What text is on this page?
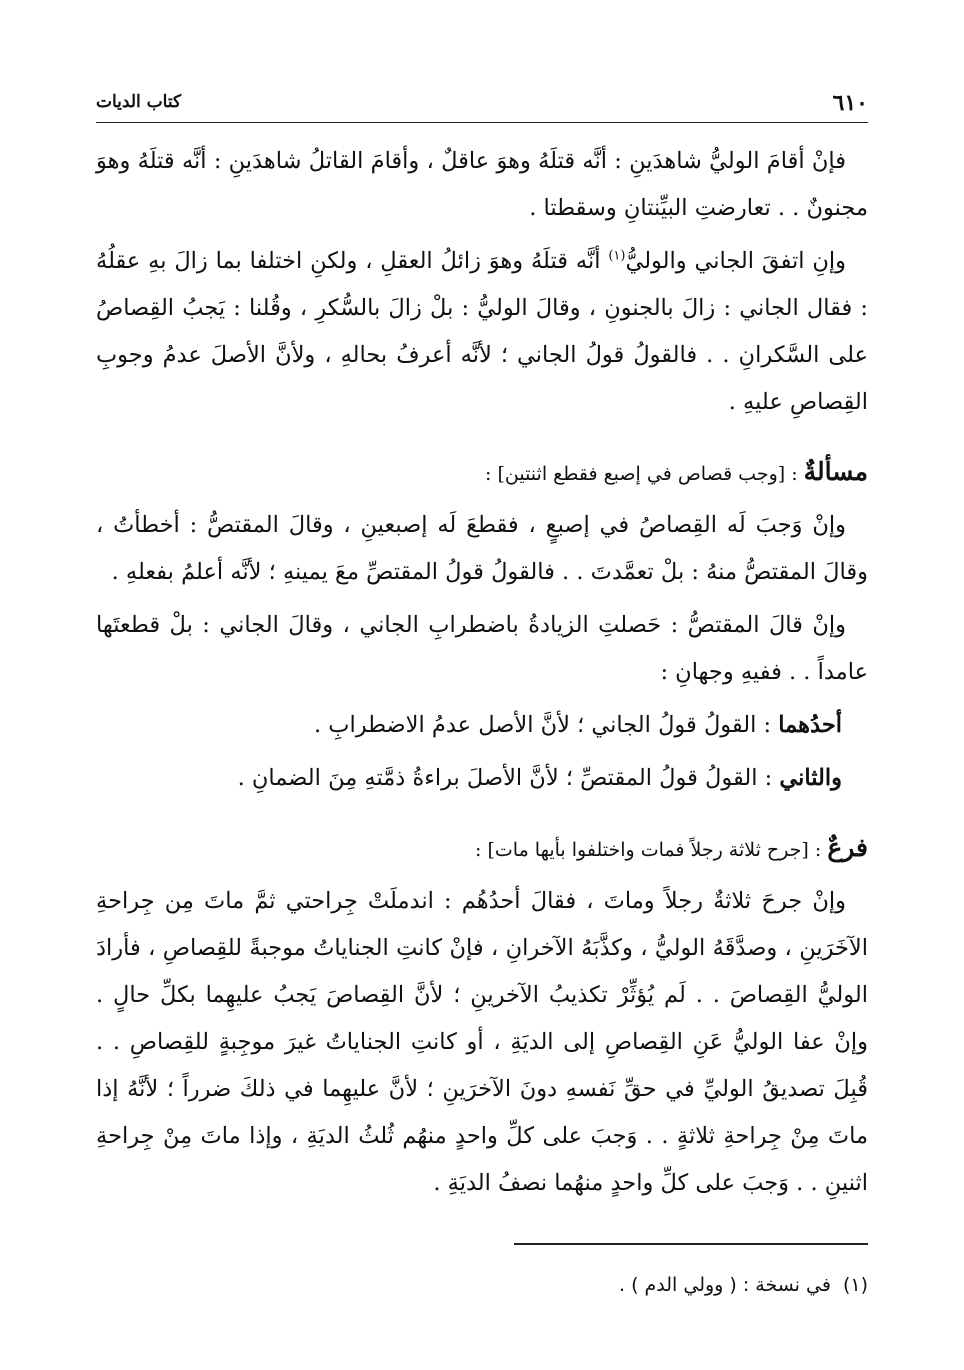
٦١٠
كتاب الديات

فإنْ أقامَ الوليُّ شاهدَينِ : أنَّه قتلَهُ وهوَ عاقلٌ ، وأقامَ القاتلُ شاهدَينِ : أنَّه قتلَهُ وهوَ مجنونٌ . . تعارضتِ البيِّنتانِ وسقطتا .

وإنِ اتفقَ الجاني والوليُّ$^{(١)}$ أنَّه قتلَهُ وهوَ زائلُ العقلِ ، ولكنِ اختلفا بما زالَ بهِ عقلُهُ : فقال الجاني : زالَ بالجنونِ ، وقالَ الوليُّ : بلْ زالَ بالسُّكرِ ، وقُلنا : يَجبُ القِصاصُ على السَّكرانِ . . فالقولُ قولُ الجاني ؛ لأنَّه أعرفُ بحالهِ ، ولأنَّ الأصلَ عدمُ وجوبِ القِصاصِ عليهِ .

مسألةٌ : [وجب قصاص في إصبع فقطع اثنتين] :

وإنْ وَجبَ لَه القِصاصُ في إصبعٍ ، فقطعَ لَه إصبعينِ ، وقالَ المقتصُّ : أخطأتُ ، وقالَ المقتصُّ منهُ : بلْ تعمَّدتَ . . فالقولُ قولُ المقتصِّ معَ يمينهِ ؛ لأنَّه أعلمُ بفعلهِ .

وإنْ قالَ المقتصُّ : حَصلتِ الزيادةُ باضطرابِ الجاني ، وقالَ الجاني : بلْ قطعتَها عامداً . . ففيهِ وجهانِ :

أحدُهما : القولُ قولُ الجاني ؛ لأنَّ الأصل عدمُ الاضطرابِ .

والثاني : القولُ قولُ المقتصِّ ؛ لأنَّ الأصلَ براءةُ ذمَّتهِ مِنَ الضمانِ .

فرعٌ : [جرح ثلاثة رجلاً فمات واختلفوا بأيها مات] :

وإنْ جرحَ ثلاثةٌ رجلاً وماتَ ، فقالَ أحدُهُم : اندملَتْ جِراحتي ثمَّ ماتَ مِن جِراحةِ الآخَرَينِ ، وصدَّقَهُ الوليُّ ، وكذَّبَهُ الآخرانِ ، فإنْ كانتِ الجناياتُ موجبةً للقِصاصِ ، فأرادَ الوليُّ القِصاصَ . . لَم يُؤثِّرْ تكذيبُ الآخرينِ ؛ لأنَّ القِصاصَ يَجبُ عليهِما بكلِّ حالٍ . وإنْ عفا الوليُّ عَنِ القِصاصِ إلى الديَةِ ، أو كانتِ الجناياتُ غيرَ موجِبةٍ للقِصاصِ . . قُبِلَ تصديقُ الوليِّ في حقِّ نَفسهِ دونَ الآخرَينِ ؛ لأنَّ عليهِما في ذلكَ ضرراً ؛ لأنَّهُ إذا ماتَ مِنْ جِراحةِ ثلاثةٍ . . وَجبَ على كلِّ واحدٍ منهُم ثُلثُ الديَةِ ، وإذا ماتَ مِنْ جِراحةِ اثنينِ . . وَجبَ على كلِّ واحدٍ منهُما نصفُ الديَةِ .

(١)في نسخة : ( وولي الدم ) .
